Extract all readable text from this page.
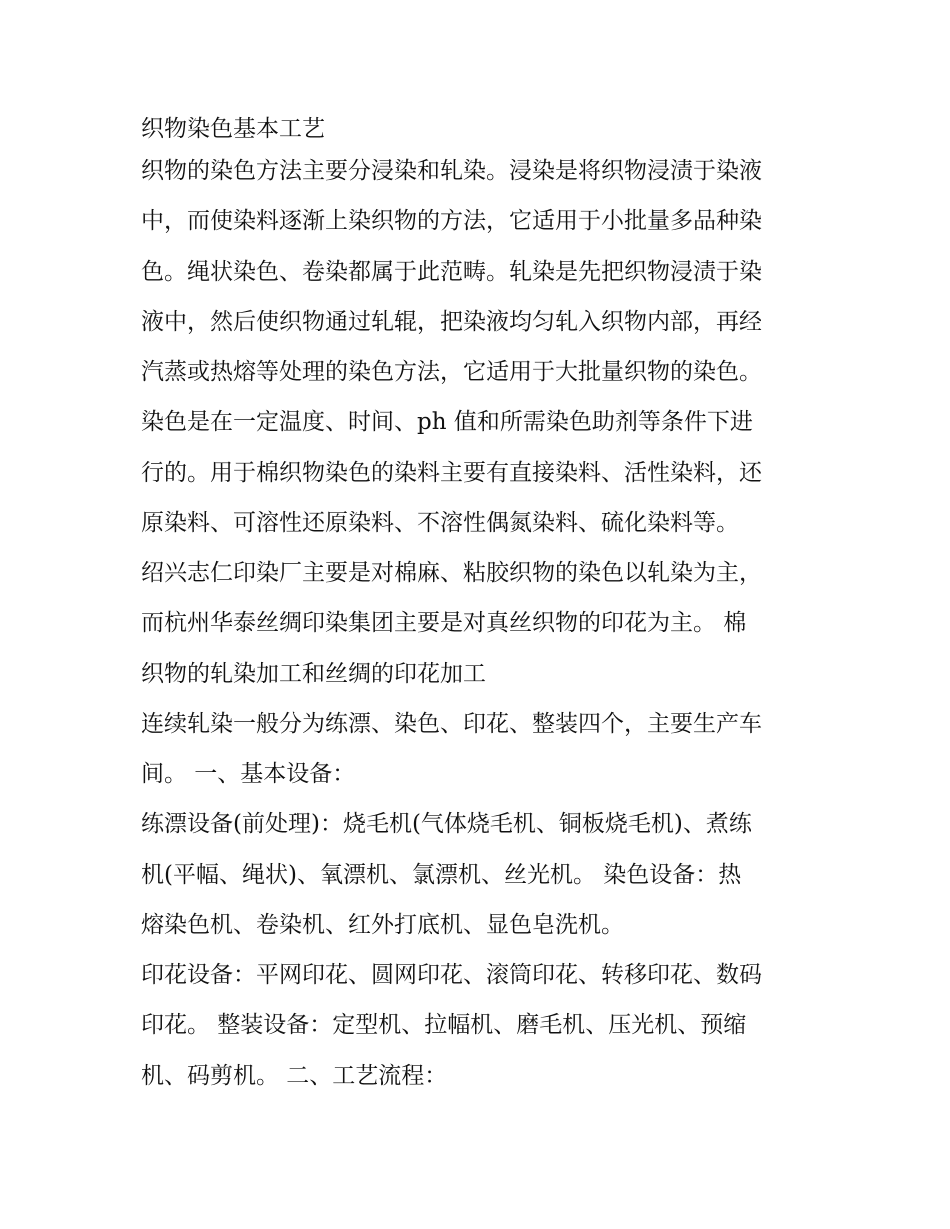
织物染色基本工艺
织物的染色方法主要分浸染和轧染。浸染是将织物浸渍于染液
中，而使染料逐渐上染织物的方法，它适用于小批量多品种染
色。绳状染色、卷染都属于此范畴。轧染是先把织物浸渍于染
液中，然后使织物通过轧辊，把染液均匀轧入织物内部，再经
汽蒸或热熔等处理的染色方法，它适用于大批量织物的染色。
染色是在一定温度、时间、ph 值和所需染色助剂等条件下进
行的。用于棉织物染色的染料主要有直接染料、活性染料，还
原染料、可溶性还原染料、不溶性偶氮染料、硫化染料等。
绍兴志仁印染厂主要是对棉麻、粘胶织物的染色以轧染为主，
而杭州华泰丝绸印染集团主要是对真丝织物的印花为主。 棉
织物的轧染加工和丝绸的印花加工
连续轧染一般分为练漂、染色、印花、整装四个，主要生产车
间。 一、基本设备：
练漂设备(前处理)：烧毛机(气体烧毛机、铜板烧毛机)、煮练
机(平幅、绳状)、氧漂机、氯漂机、丝光机。 染色设备：热
熔染色机、卷染机、红外打底机、显色皂洗机。
印花设备：平网印花、圆网印花、滚筒印花、转移印花、数码
印花。 整装设备：定型机、拉幅机、磨毛机、压光机、预缩
机、码剪机。 二、工艺流程：
